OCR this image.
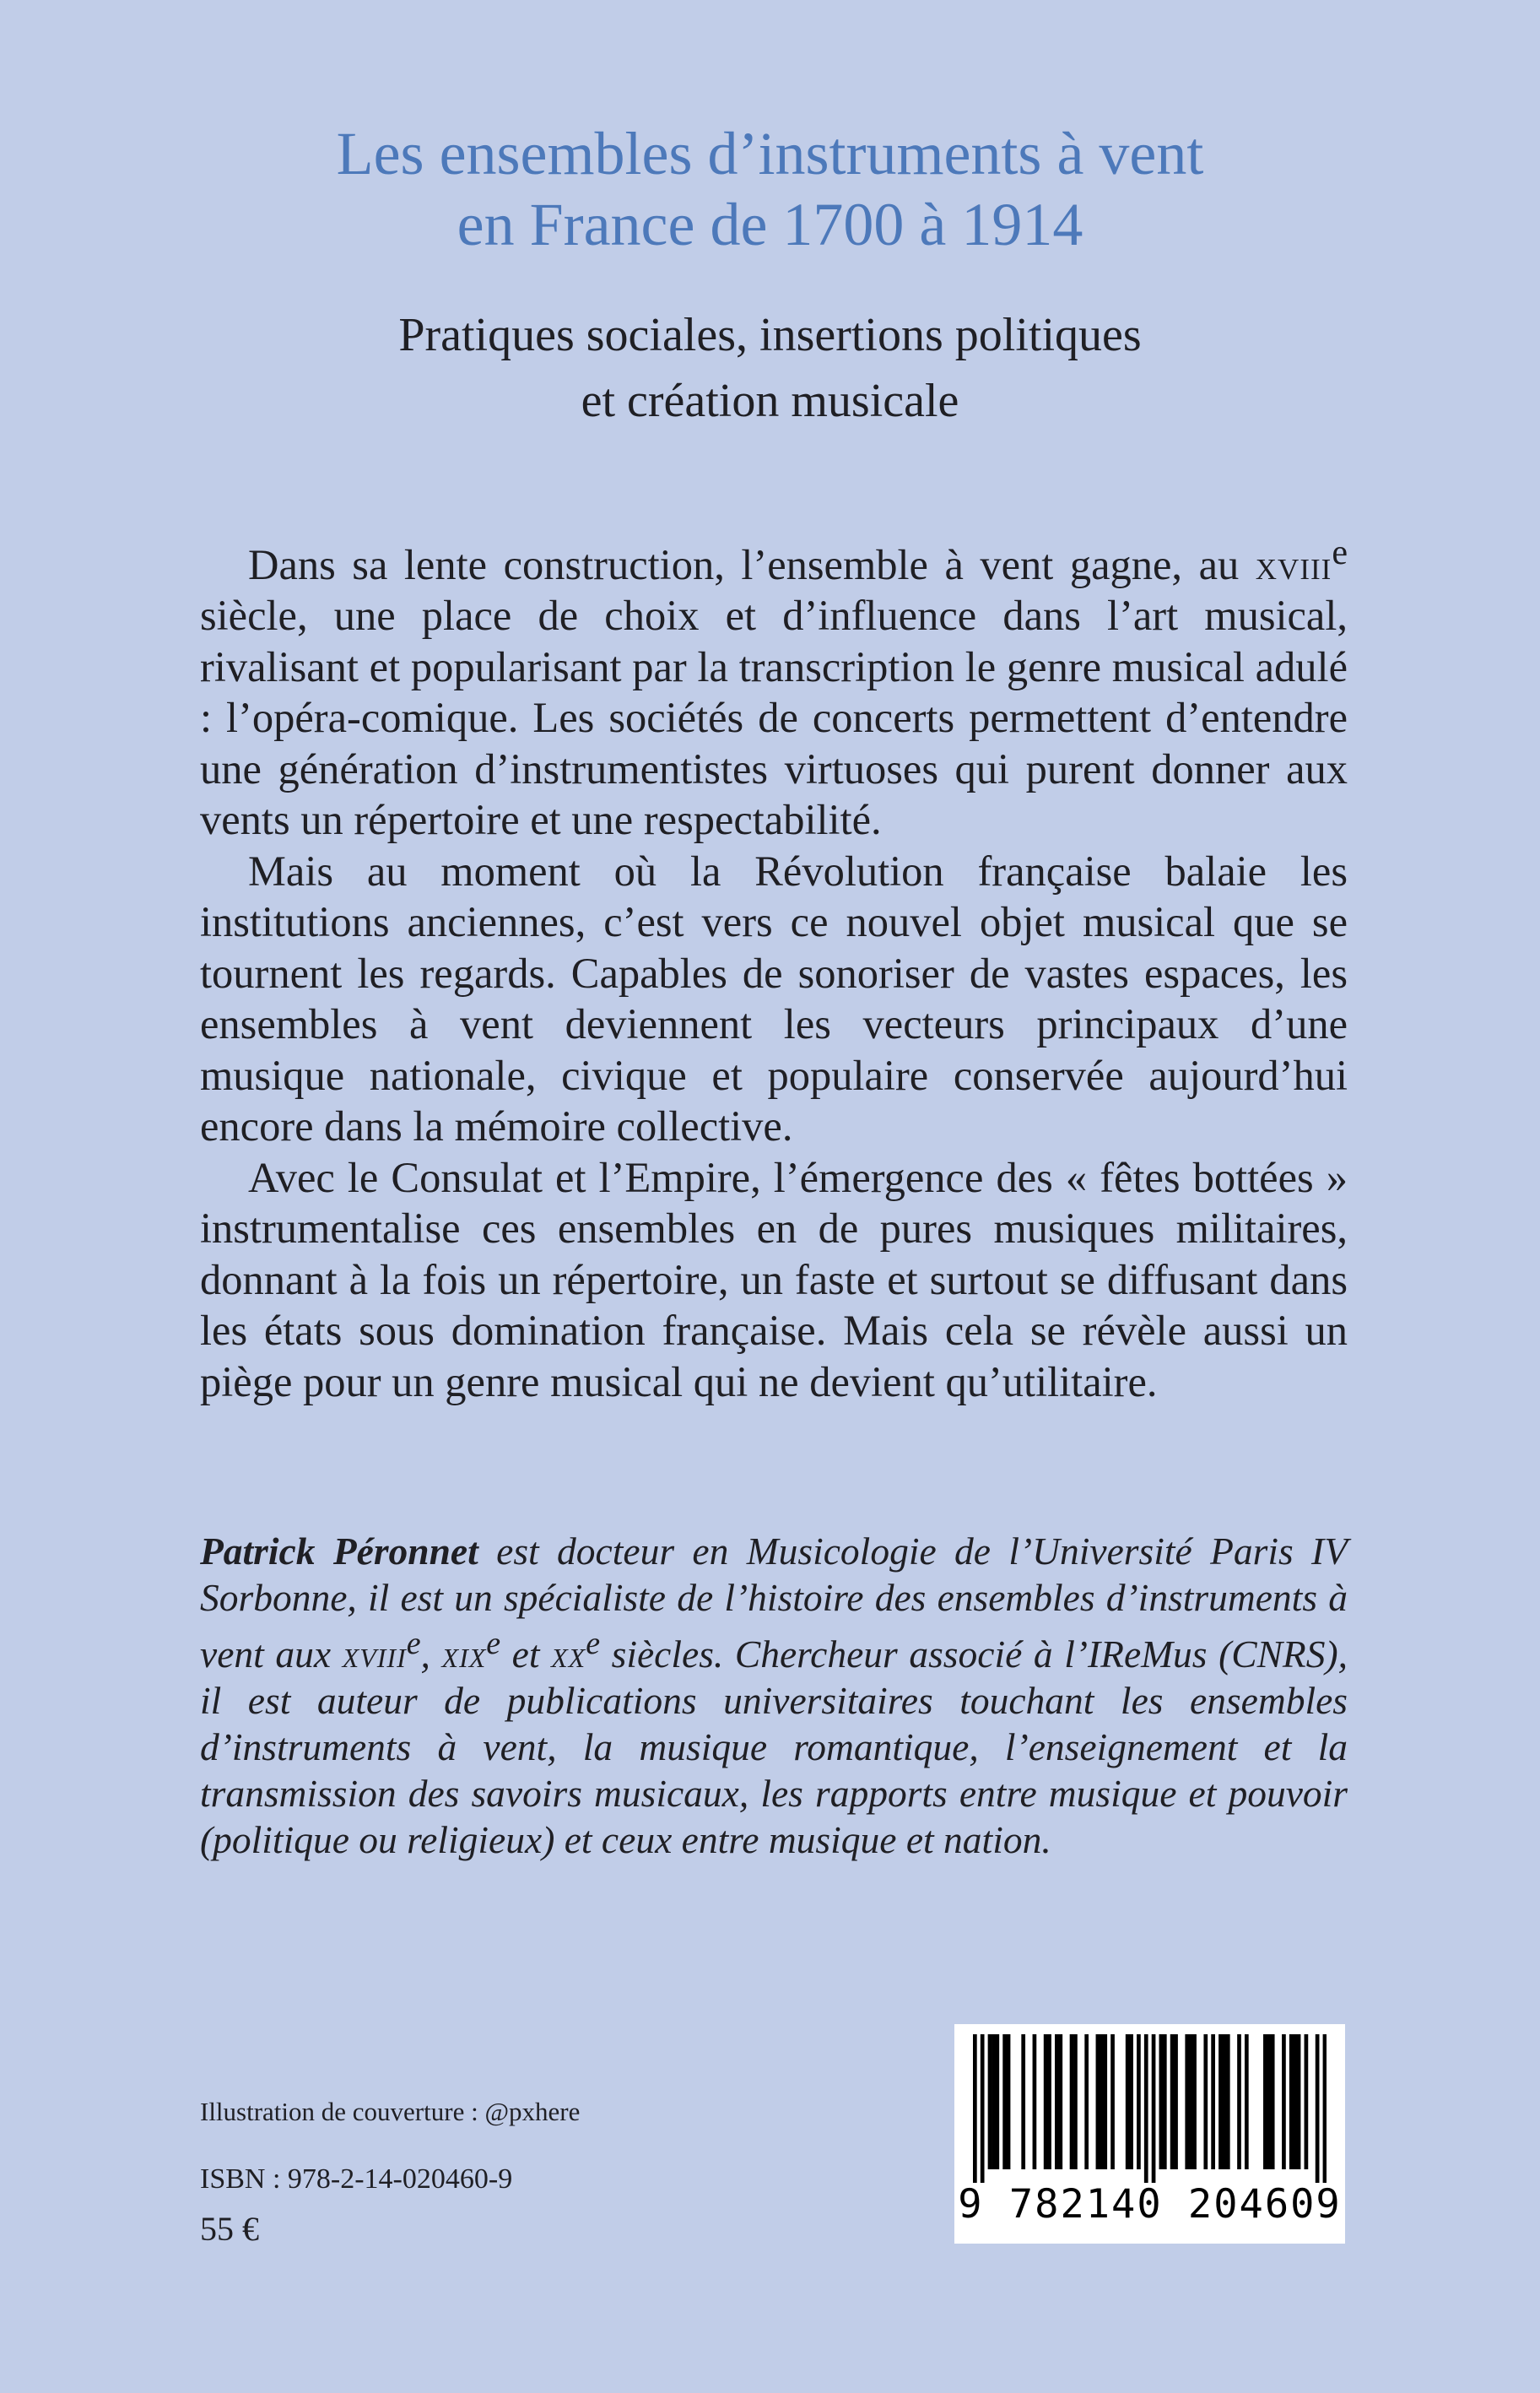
Les ensembles d’instruments à vent
en France de 1700 à 1914
Pratiques sociales, insertions politiques
et création musicale

Dans sa lente construction, l’ensemble à vent gagne, au xviii$^e$ siècle, une place de choix et d’influence dans l’art musical, rivalisant et popularisant par la transcription le genre musical adulé : l’opéra-comique. Les sociétés de concerts permettent d’entendre une génération d’instrumentistes virtuoses qui purent donner aux vents un répertoire et une respectabilité.

Mais au moment où la Révolution française balaie les institutions anciennes, c’est vers ce nouvel objet musical que se tournent les regards. Capables de sonoriser de vastes espaces, les ensembles à vent deviennent les vecteurs principaux d’une musique nationale, civique et populaire conservée aujourd’hui encore dans la mémoire collective.

Avec le Consulat et l’Empire, l’émergence des « fêtes bottées » instrumentalise ces ensembles en de pures musiques militaires, donnant à la fois un répertoire, un faste et surtout se diffusant dans les états sous domination française. Mais cela se révèle aussi un piège pour un genre musical qui ne devient qu’utilitaire.

Patrick Péronnet est docteur en Musicologie de l’Université Paris IV Sorbonne, il est un spécialiste de l’histoire des ensembles d’instruments à vent aux xviii$^e$, xix$^e$ et $xx^e$ siècles. Chercheur associé à l’IReMus (CNRS), il est auteur de publications universitaires touchant les ensembles d’instruments à vent, la musique romantique, l’enseignement et la transmission des savoirs musicaux, les rapports entre musique et pouvoir (politique ou religieux) et ceux entre musique et nation.

Illustration de couverture : @pxhere
ISBN : 978-2-14-020460-9
55 €
9 782140 204609
